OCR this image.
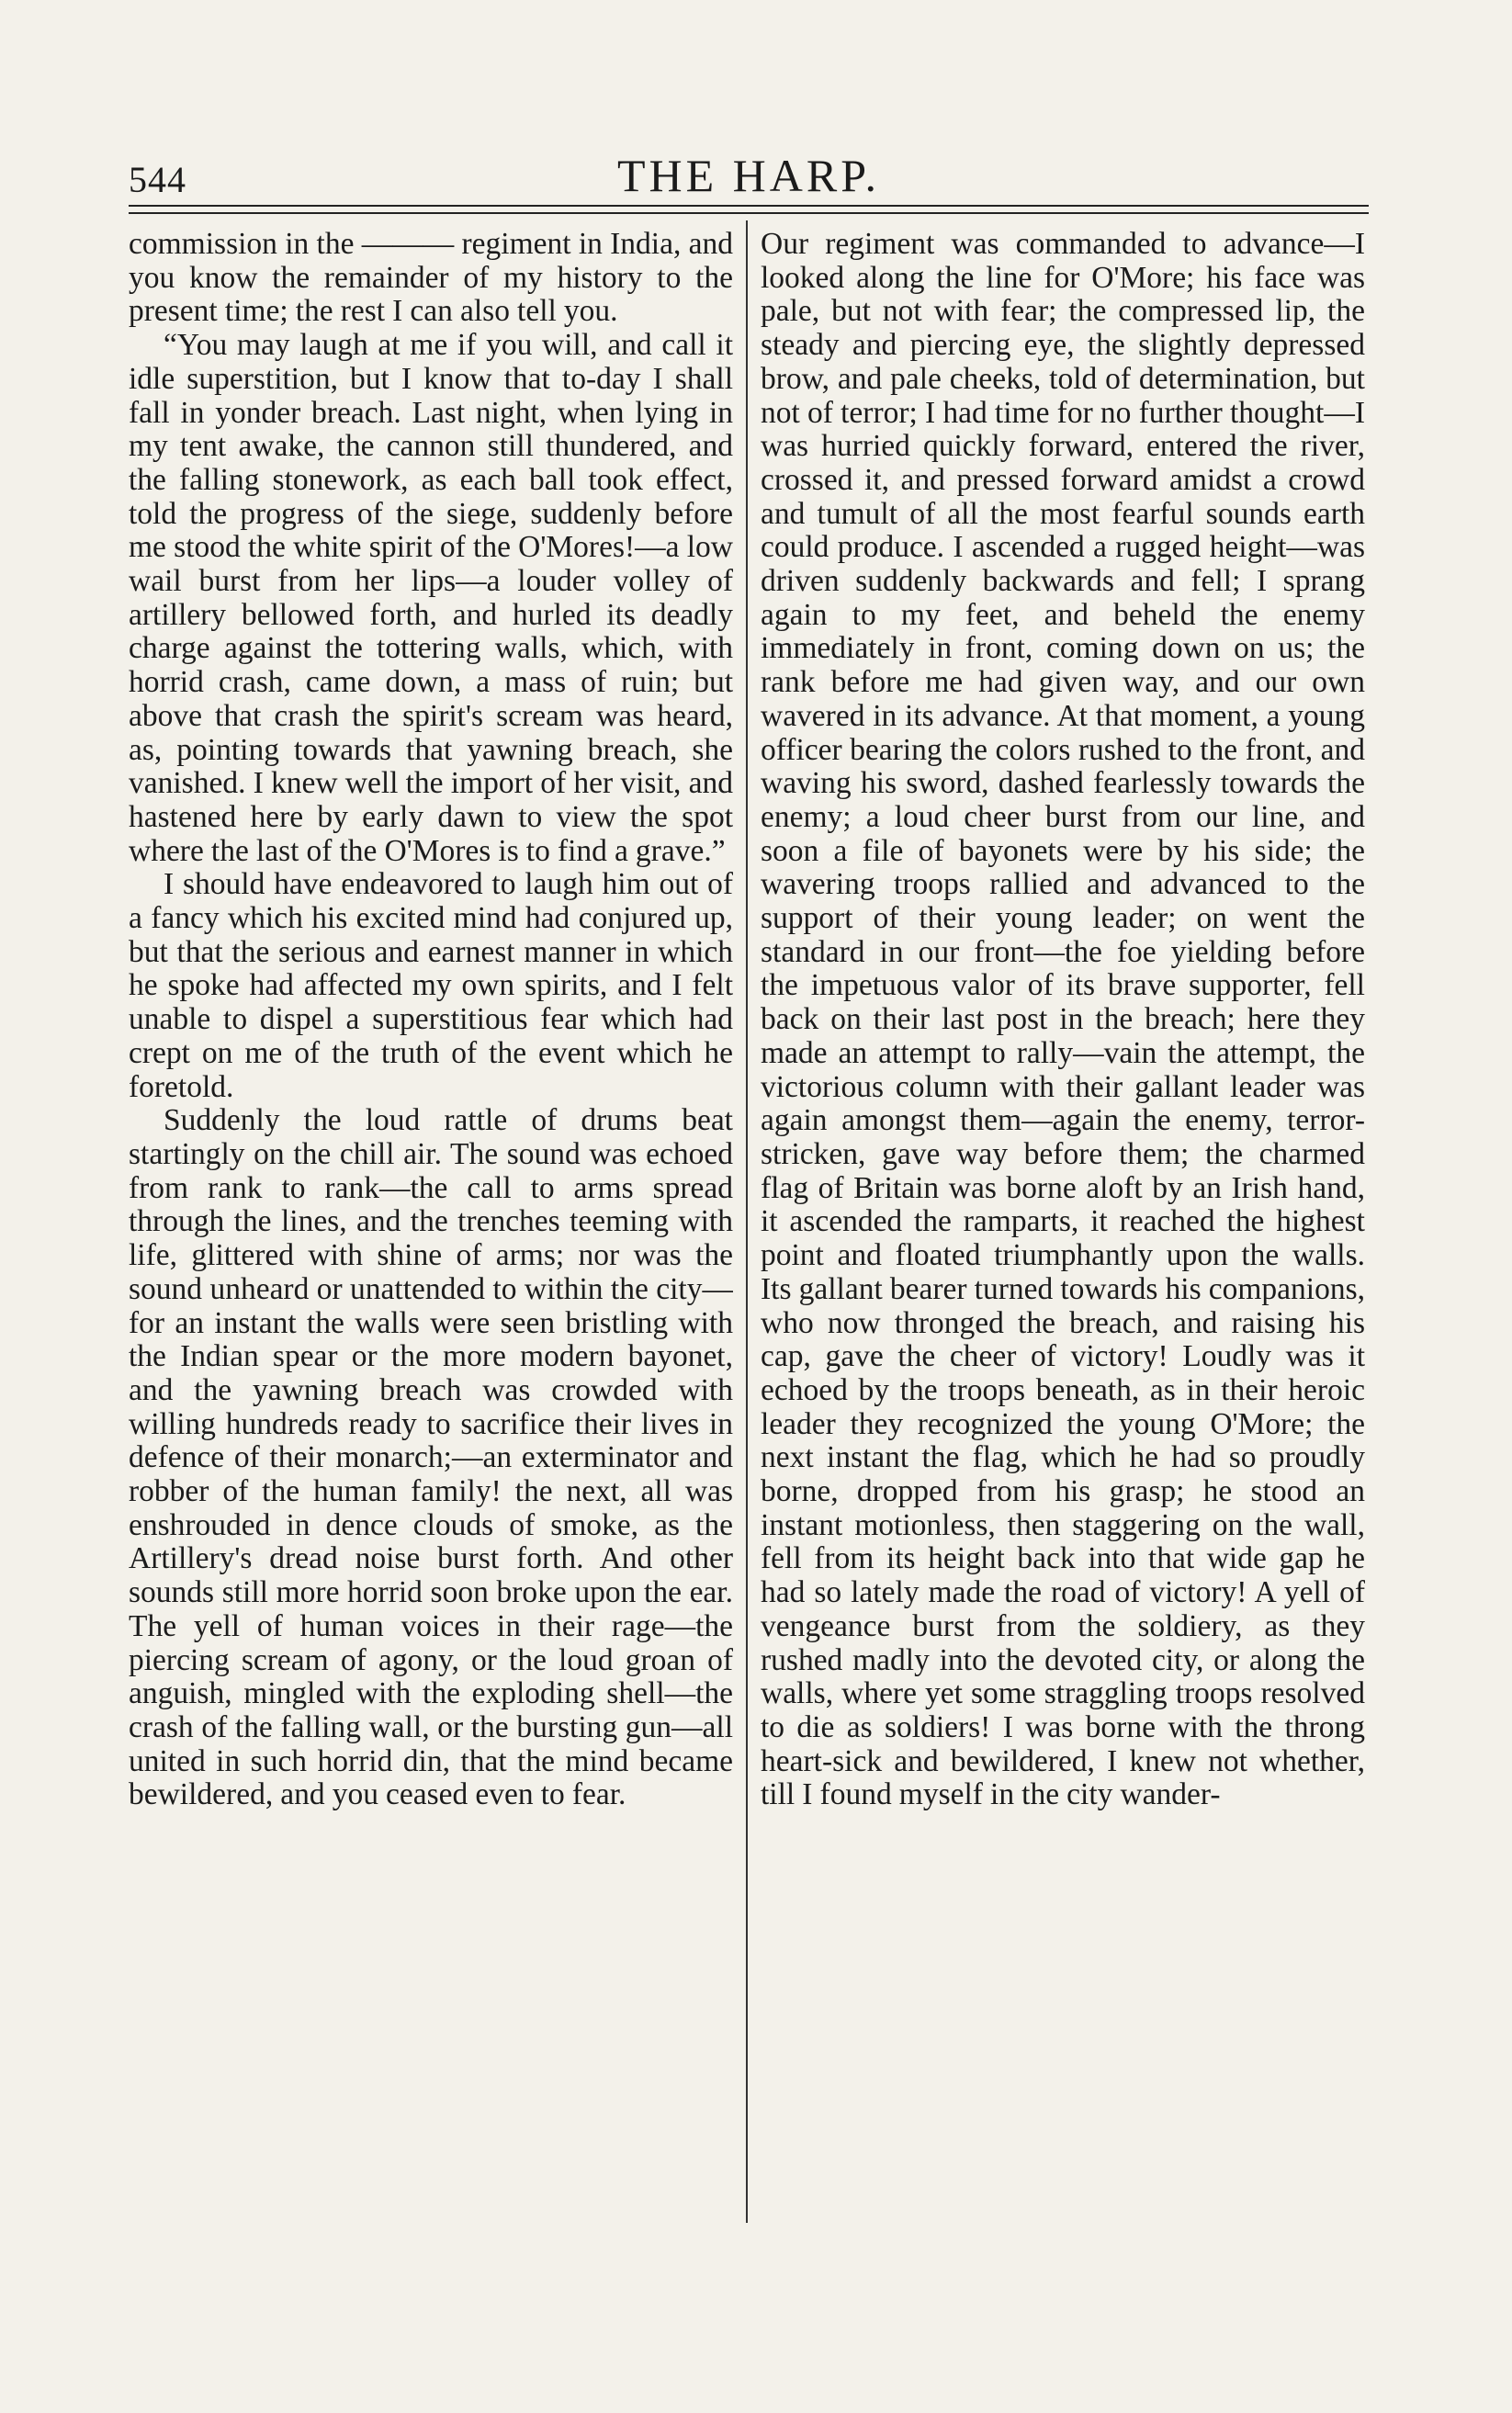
544	THE HARP.

commission in the ——— regiment in India, and you know the remainder of my history to the present time; the rest I can also tell you.

“You may laugh at me if you will, and call it idle superstition, but I know that to-day I shall fall in yonder breach. Last night, when lying in my tent awake, the cannon still thundered, and the falling stonework, as each ball took effect, told the progress of the siege, suddenly before me stood the white spirit of the O'Mores!—a low wail burst from her lips—a louder volley of artillery bellowed forth, and hurled its deadly charge against the tottering walls, which, with horrid crash, came down, a mass of ruin; but above that crash the spirit's scream was heard, as, pointing towards that yawning breach, she vanished. I knew well the import of her visit, and hastened here by early dawn to view the spot where the last of the O'Mores is to find a grave.”

I should have endeavored to laugh him out of a fancy which his excited mind had conjured up, but that the serious and earnest manner in which he spoke had affected my own spirits, and I felt unable to dispel a superstitious fear which had crept on me of the truth of the event which he foretold.

Suddenly the loud rattle of drums beat startingly on the chill air. The sound was echoed from rank to rank—the call to arms spread through the lines, and the trenches teeming with life, glittered with shine of arms; nor was the sound unheard or unattended to within the city—for an instant the walls were seen bristling with the Indian spear or the more modern bayonet, and the yawning breach was crowded with willing hundreds ready to sacrifice their lives in defence of their monarch;—an exterminator and robber of the human family! the next, all was enshrouded in dence clouds of smoke, as the Artillery's dread noise burst forth. And other sounds still more horrid soon broke upon the ear. The yell of human voices in their rage—the piercing scream of agony, or the loud groan of anguish, mingled with the exploding shell—the crash of the falling wall, or the bursting gun—all united in such horrid din, that the mind became bewildered, and you ceased even to fear.

Our regiment was commanded to advance—I looked along the line for O'More; his face was pale, but not with fear; the compressed lip, the steady and piercing eye, the slightly depressed brow, and pale cheeks, told of determination, but not of terror; I had time for no further thought—I was hurried quickly forward, entered the river, crossed it, and pressed forward amidst a crowd and tumult of all the most fearful sounds earth could produce. I ascended a rugged height—was driven suddenly backwards and fell; I sprang again to my feet, and beheld the enemy immediately in front, coming down on us; the rank before me had given way, and our own wavered in its advance. At that moment, a young officer bearing the colors rushed to the front, and waving his sword, dashed fearlessly towards the enemy; a loud cheer burst from our line, and soon a file of bayonets were by his side; the wavering troops rallied and advanced to the support of their young leader; on went the standard in our front—the foe yielding before the impetuous valor of its brave supporter, fell back on their last post in the breach; here they made an attempt to rally—vain the attempt, the victorious column with their gallant leader was again amongst them—again the enemy, terror-stricken, gave way before them; the charmed flag of Britain was borne aloft by an Irish hand, it ascended the ramparts, it reached the highest point and floated triumphantly upon the walls. Its gallant bearer turned towards his companions, who now thronged the breach, and raising his cap, gave the cheer of victory! Loudly was it echoed by the troops beneath, as in their heroic leader they recognized the young O'More; the next instant the flag, which he had so proudly borne, dropped from his grasp; he stood an instant motionless, then staggering on the wall, fell from its height back into that wide gap he had so lately made the road of victory! A yell of vengeance burst from the soldiery, as they rushed madly into the devoted city, or along the walls, where yet some straggling troops resolved to die as soldiers! I was borne with the throng heart-sick and bewildered, I knew not whether, till I found myself in the city wander-
